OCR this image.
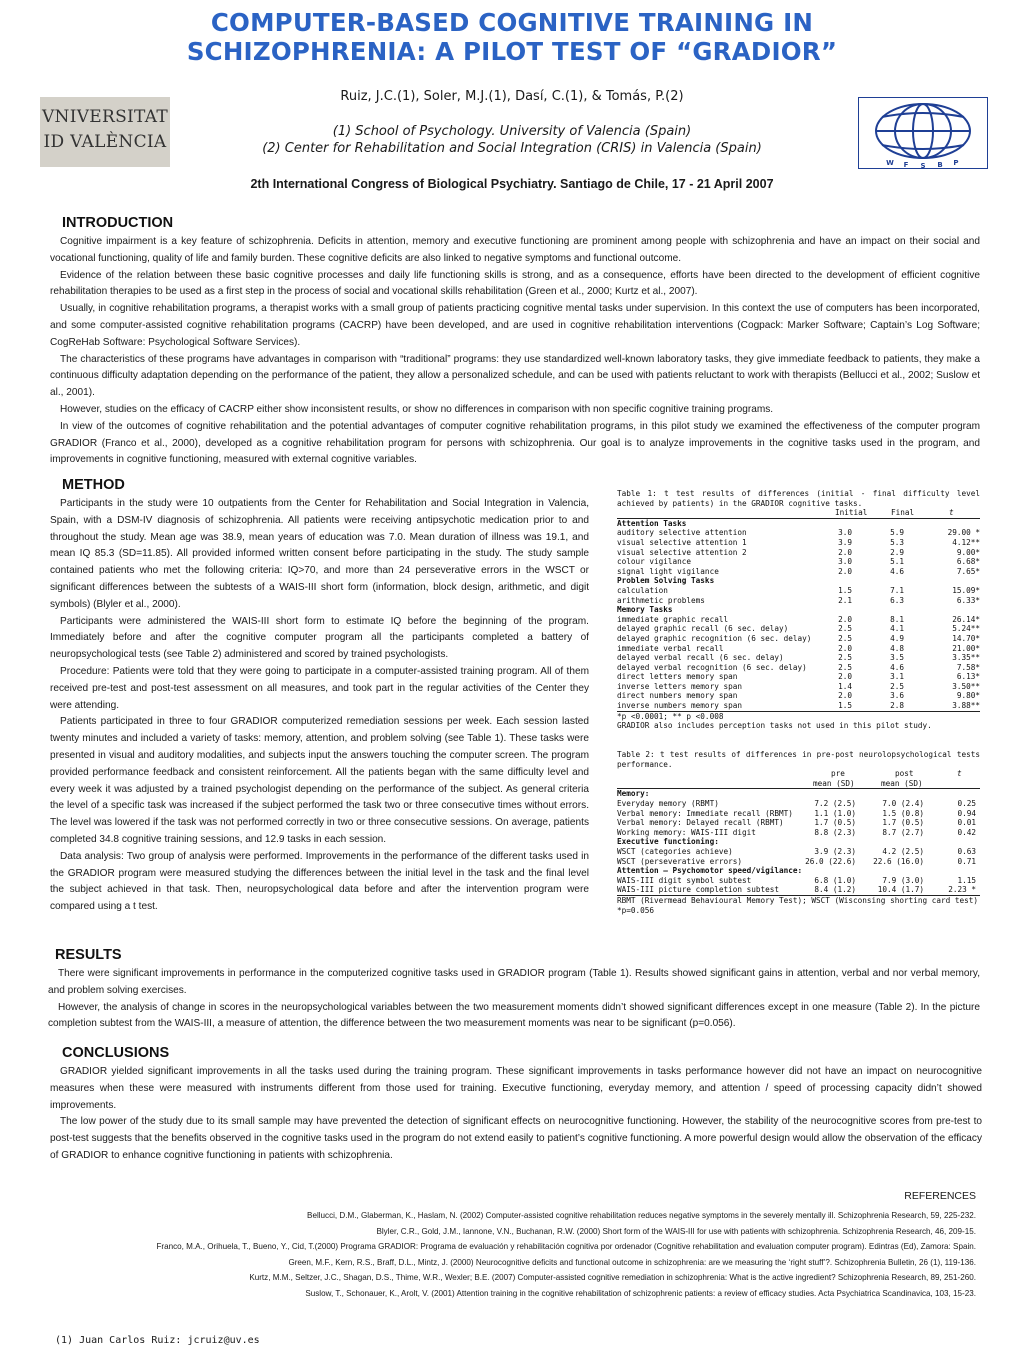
COMPUTER-BASED COGNITIVE TRAINING IN
SCHIZOPHRENIA: A PILOT TEST OF “GRADIOR”
VNIVERSITAT
ID VALÈNCIA
Ruiz, J.C.(1), Soler, M.J.(1), Dasí, C.(1), & Tomás, P.(2)
(1) School of Psychology. University of Valencia (Spain)
(2) Center for Rehabilitation and Social Integration (CRIS) in Valencia (Spain)
W F S B P
2th International Congress of Biological Psychiatry. Santiago de Chile, 17 - 21 April 2007
INTRODUCTION

Cognitive impairment is a key feature of schizophrenia. Deficits in attention, memory and executive functioning are prominent among people with schizophrenia and have an impact on their social and vocational functioning, quality of life and family burden. These cognitive deficits are also linked to negative symptoms and functional outcome.

Evidence of the relation between these basic cognitive processes and daily life functioning skills is strong, and as a consequence, efforts have been directed to the development of efficient cognitive rehabilitation therapies to be used as a first step in the process of social and vocational skills rehabilitation (Green et al., 2000; Kurtz et al., 2007).

Usually, in cognitive rehabilitation programs, a therapist works with a small group of patients practicing cognitive mental tasks under supervision. In this context the use of computers has been incorporated, and some computer-assisted cognitive rehabilitation programs (CACRP) have been developed, and are used in cognitive rehabilitation interventions (Cogpack: Marker Software; Captain’s Log Software; CogReHab Software: Psychological Software Services).

The characteristics of these programs have advantages in comparison with “traditional” programs: they use standardized well-known laboratory tasks, they give immediate feedback to patients, they make a continuous difficulty adaptation depending on the performance of the patient, they allow a personalized schedule, and can be used with patients reluctant to work with therapists (Bellucci et al., 2002; Suslow et al., 2001).

However, studies on the efficacy of CACRP either show inconsistent results, or show no differences in comparison with non specific cognitive training programs.

In view of the outcomes of cognitive rehabilitation and the potential advantages of computer cognitive rehabilitation programs, in this pilot study we examined the effectiveness of the computer program GRADIOR (Franco et al., 2000), developed as a cognitive rehabilitation program for persons with schizophrenia. Our goal is to analyze improvements in the cognitive tasks used in the program, and improvements in cognitive functioning, measured with external cognitive variables.

METHOD

Participants in the study were 10 outpatients from the Center for Rehabilitation and Social Integration in Valencia, Spain, with a DSM-IV diagnosis of schizophrenia. All patients were receiving antipsychotic medication prior to and throughout the study. Mean age was 38.9, mean years of education was 7.0. Mean duration of illness was 19.1, and mean IQ 85.3 (SD=11.85). All provided informed written consent before participating in the study. The study sample contained patients who met the following criteria: IQ>70, and more than 24 perseverative errors in the WSCT or significant differences between the subtests of a WAIS-III short form (information, block design, arithmetic, and digit symbols) (Blyler et al., 2000).

Participants were administered the WAIS-III short form to estimate IQ before the beginning of the program. Immediately before and after the cognitive computer program all the participants completed a battery of neuropsychological tests (see Table 2) administered and scored by trained psychologists.

Procedure: Patients were told that they were going to participate in a computer-assisted training program. All of them received pre-test and post-test assessment on all measures, and took part in the regular activities of the Center they were attending.

Patients participated in three to four GRADIOR computerized remediation sessions per week. Each session lasted twenty minutes and included a variety of tasks: memory, attention, and problem solving (see Table 1). These tasks were presented in visual and auditory modalities, and subjects input the answers touching the computer screen. The program provided performance feedback and consistent reinforcement. All the patients began with the same difficulty level and every week it was adjusted by a trained psychologist depending on the performance of the subject. As general criteria the level of a specific task was increased if the subject performed the task two or three consecutive times without errors. The level was lowered if the task was not performed correctly in two or three consecutive sessions. On average, patients completed 34.8 cognitive training sessions, and 12.9 tasks in each session.

Data analysis: Two group of analysis were performed. Improvements in the performance of the different tasks used in the GRADIOR program were measured studying the differences between the initial level in the task and the final level the subject achieved in that task. Then, neuropsychological data before and after the intervention program were compared using a t test.

Table 1: t test results of differences (initial - final difficulty level achieved by patients) in the GRADIOR cognitive tasks.
Initial	Final	t
Attention Tasks
auditory selective attention	3.0	5.9	29.00 *
visual selective attention 1	3.9	5.3	4.12**
visual selective attention 2	2.0	2.9	9.00*
colour vigilance	3.0	5.1	6.68*
signal light vigilance	2.0	4.6	7.65*
Problem Solving Tasks
calculation	1.5	7.1	15.09*
arithmetic problems	2.1	6.3	6.33*
Memory Tasks
immediate graphic recall	2.0	8.1	26.14*
delayed graphic recall (6 sec. delay)	2.5	4.1	5.24**
delayed graphic recognition (6 sec. delay)	2.5	4.9	14.70*
immediate verbal recall	2.0	4.8	21.00*
delayed verbal recall (6 sec. delay)	2.5	3.5	3.35**
delayed verbal recognition (6 sec. delay)	2.5	4.6	7.58*
direct letters memory span	2.0	3.1	6.13*
inverse letters memory span	1.4	2.5	3.50**
direct numbers memory span	2.0	3.6	9.80*
inverse numbers memory span	1.5	2.8	3.88**
*p <0.0001; ** p <0.008
GRADIOR also includes perception tasks not used in this pilot study.
Table 2: t test results of differences in pre-post neurolopsychological tests performance.
pre	post	t
mean (SD)	mean (SD)
Memory:
Everyday memory (RBMT)	7.2 (2.5)	7.0 (2.4)	0.25
Verbal memory: Immediate recall (RBMT)	1.1 (1.0)	1.5 (0.8)	0.94
Verbal memory: Delayed recall (RBMT)	1.7 (0.5)	1.7 (0.5)	0.01
Working memory: WAIS-III digit	8.8 (2.3)	8.7 (2.7)	0.42
Executive functioning:
WSCT (categories achieve)	3.9 (2.3)	4.2 (2.5)	0.63
WSCT (perseverative errors)	26.0 (22.6) 22.6 (16.0)	0.71
Attention – Psychomotor speed/vigilance:
WAIS-III digit symbol subtest	6.8 (1.0)	7.9 (3.0)	1.15
WAIS-III picture completion subtest	8.4 (1.2)	10.4 (1.7)	2.23 *
RBMT (Rivermead Behavioural Memory Test); WSCT (Wisconsing shorting card test)
*p=0.056
RESULTS

There were significant improvements in performance in the computerized cognitive tasks used in GRADIOR program (Table 1). Results showed significant gains in attention, verbal and nor verbal memory, and problem solving exercises.

However, the analysis of change in scores in the neuropsychological variables between the two measurement moments didn’t showed significant differences except in one measure (Table 2). In the picture completion subtest from the WAIS-III, a measure of attention, the difference between the two measurement moments was near to be significant (p=0.056).

CONCLUSIONS

GRADIOR yielded significant improvements in all the tasks used during the training program. These significant improvements in tasks performance however did not have an impact on neurocognitive measures when these were measured with instruments different from those used for training. Executive functioning, everyday memory, and attention / speed of processing capacity didn’t showed improvements.

The low power of the study due to its small sample may have prevented the detection of significant effects on neurocognitive functioning. However, the stability of the neurocognitive scores from pre-test to post-test suggests that the benefits observed in the cognitive tasks used in the program do not extend easily to patient’s cognitive functioning. A more powerful design would allow the observation of the efficacy of GRADIOR to enhance cognitive functioning in patients with schizophrenia.

REFERENCES
Bellucci, D.M., Glaberman, K., Haslam, N. (2002) Computer-assisted cognitive rehabilitation reduces negative symptoms in the severely mentally ill. Schizophrenia Research, 59, 225-232.
Blyler, C.R., Gold, J.M., Iannone, V.N., Buchanan, R.W. (2000) Short form of the WAIS-III for use with patients with schizophrenia. Schizophrenia Research, 46, 209-15.
Franco, M.A., Orihuela, T., Bueno, Y., Cid, T.(2000) Programa GRADIOR: Programa de evaluación y rehabilitación cognitiva por ordenador (Cognitive rehabilitation and evaluation computer program). Edintras (Ed), Zamora: Spain.
Green, M.F., Kern, R.S., Braff, D.L., Mintz, J. (2000) Neurocognitive deficits and functional outcome in schizophrenia: are we measuring the ‘right stuff’?. Schizophrenia Bulletin, 26 (1), 119-136.
Kurtz, M.M., Seltzer, J.C., Shagan, D.S., Thime, W.R., Wexler; B.E. (2007) Computer-assisted cognitive remediation in schizophrenia: What is the active ingredient? Schizophrenia Research, 89, 251-260.
Suslow, T., Schonauer, K., Arolt, V. (2001) Attention training in the cognitive rehabilitation of schizophrenic patients: a review of efficacy studies. Acta Psychiatrica Scandinavica, 103, 15-23.
(1) Juan Carlos Ruiz: jcruiz@uv.es
